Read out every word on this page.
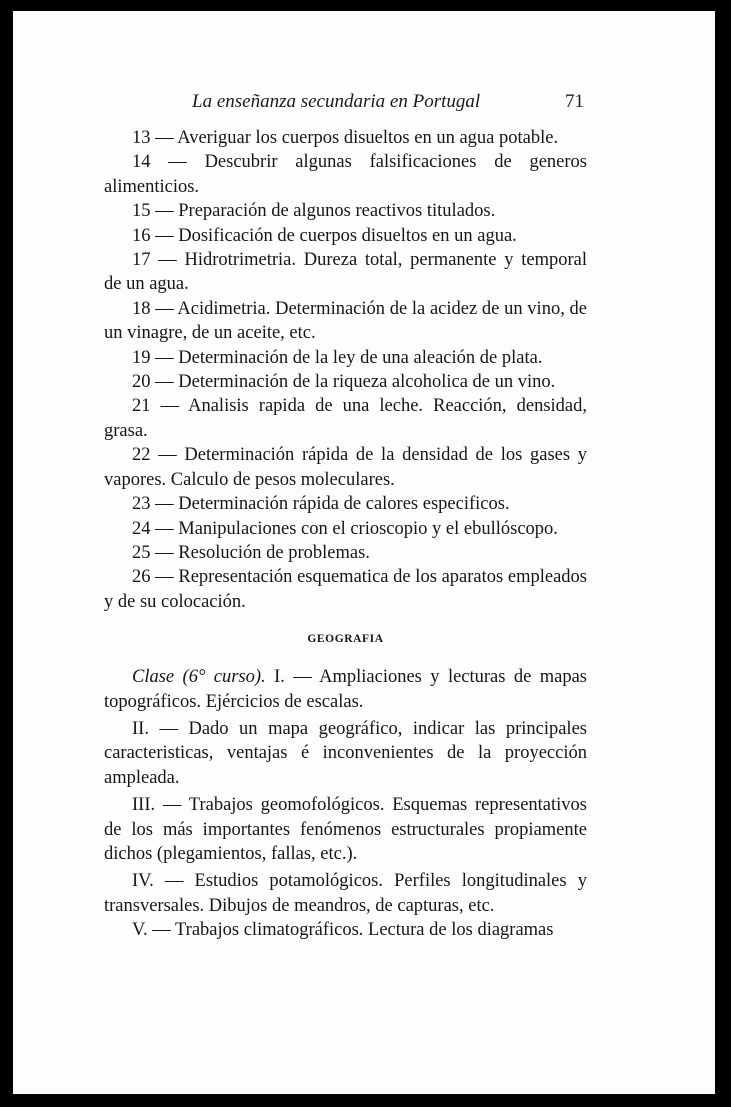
La enseñanza secundaria en Portugal	71

13 — Averiguar los cuerpos disueltos en un agua potable.

14 — Descubrir algunas falsificaciones de generos alimenticios.

15 — Preparación de algunos reactivos titulados.

16 — Dosificación de cuerpos disueltos en un agua.

17 — Hidrotrimetria. Dureza total, permanente y temporal de un agua.

18 — Acidimetria. Determinación de la acidez de un vino, de un vinagre, de un aceite, etc.

19 — Determinación de la ley de una aleación de plata.

20 — Determinación de la riqueza alcoholica de un vino.

21 — Analisis rapida de una leche. Reacción, densidad, grasa.

22 — Determinación rápida de la densidad de los gases y vapores. Calculo de pesos moleculares.

23 — Determinación rápida de calores especificos.

24 — Manipulaciones con el crioscopio y el ebullóscopo.

25 — Resolución de problemas.

26 — Representación esquematica de los aparatos empleados y de su colocación.

GEOGRAFIA

Clase (6° curso). I. — Ampliaciones y lecturas de mapas topográficos. Ejércicios de escalas.

II. — Dado un mapa geográfico, indicar las principales caracteristicas, ventajas é inconvenientes de la proyección ampleada.

III. — Trabajos geomofológicos. Esquemas representativos de los más importantes fenómenos estructurales propiamente dichos (plegamientos, fallas, etc.).

IV. — Estudios potamológicos. Perfiles longitudinales y transversales. Dibujos de meandros, de capturas, etc.

V. — Trabajos climatográficos. Lectura de los diagramas
